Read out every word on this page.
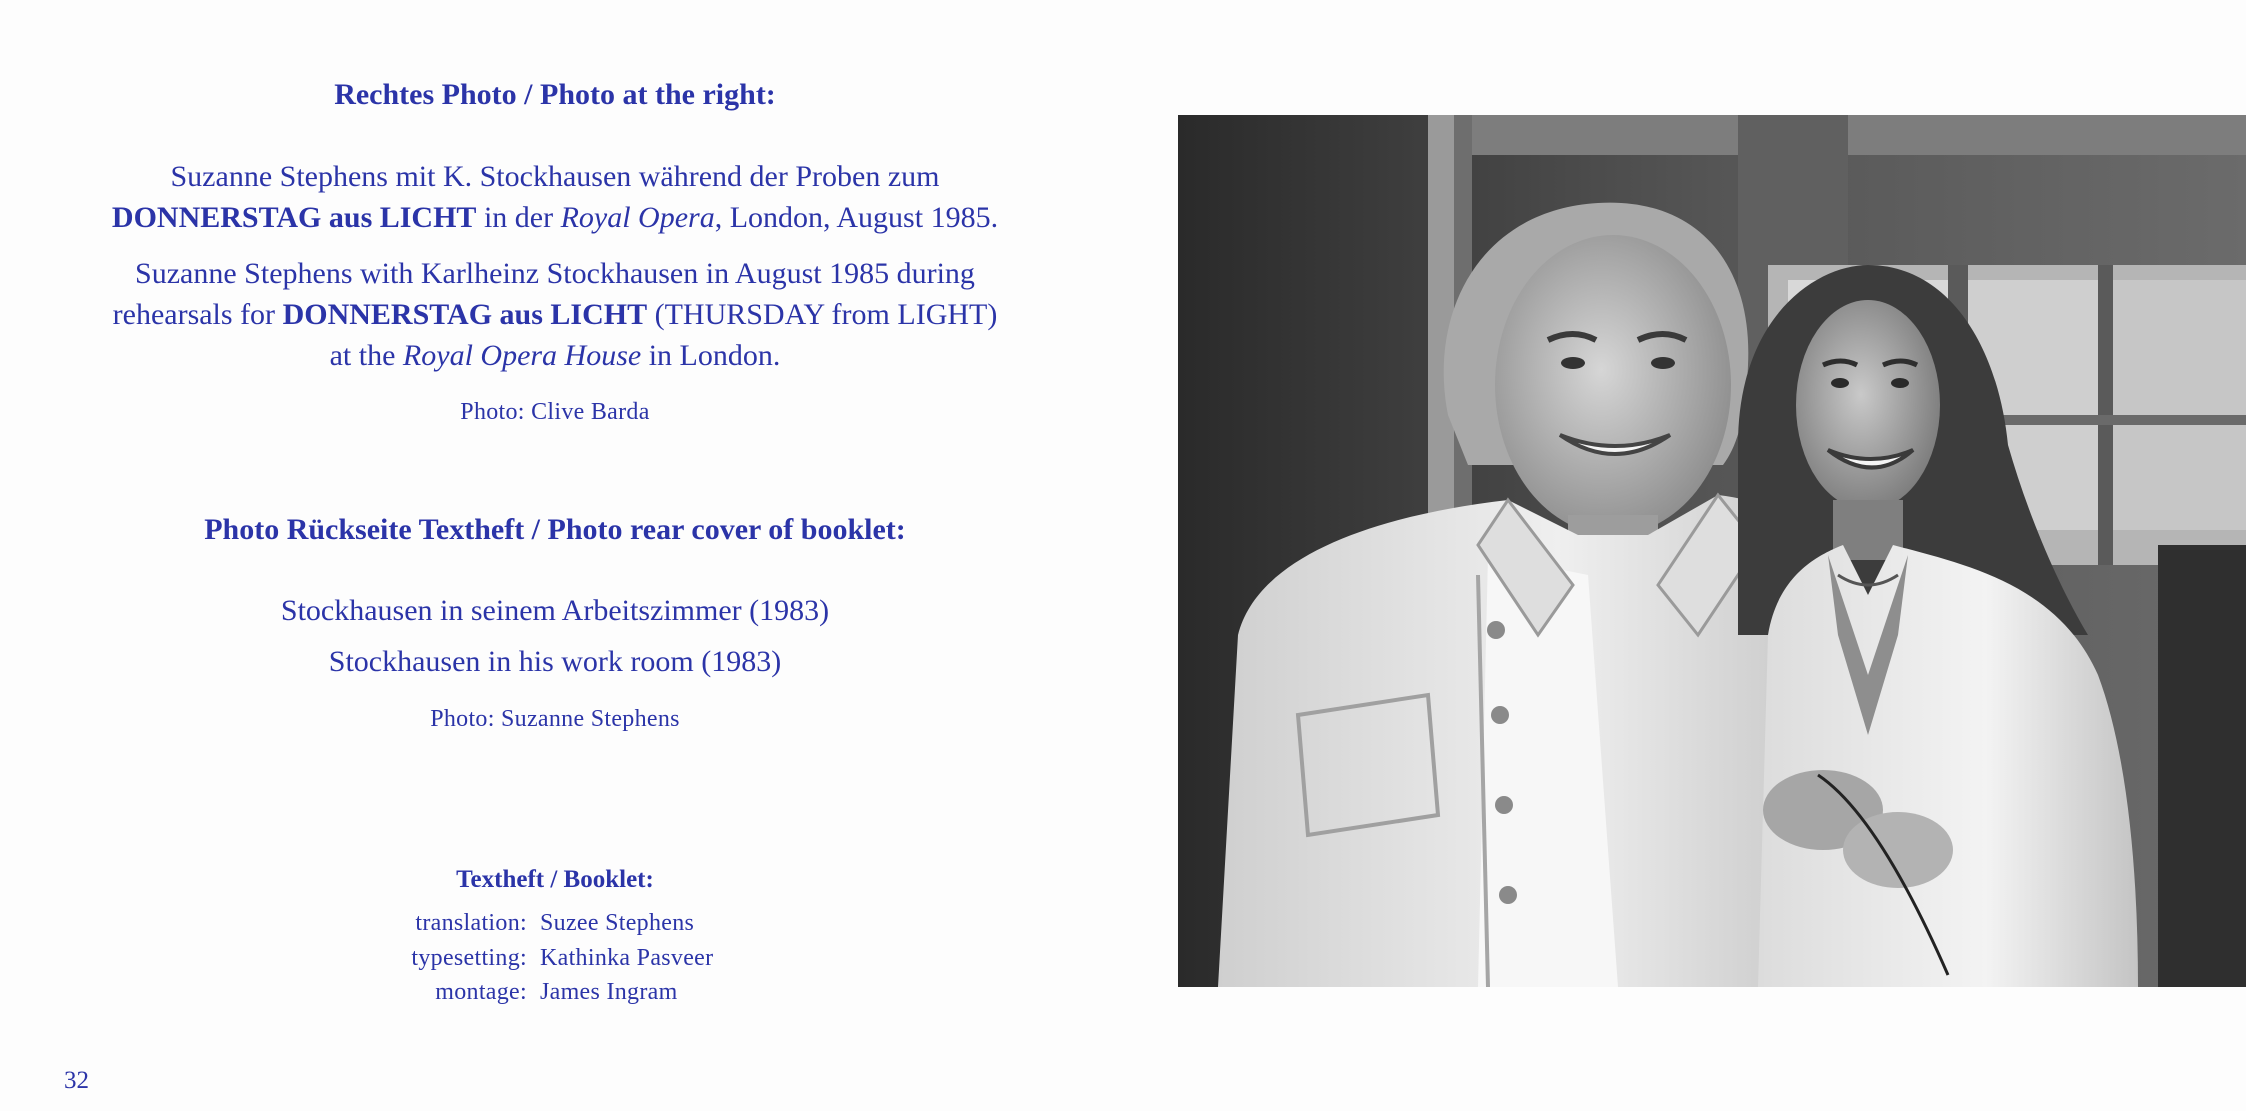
Rechtes Photo / Photo at the right:
Suzanne Stephens mit K. Stockhausen während der Proben zum
DONNERSTAG aus LICHT in der Royal Opera, London, August 1985.
Suzanne Stephens with Karlheinz Stockhausen in August 1985 during
rehearsals for DONNERSTAG aus LICHT (THURSDAY from LIGHT)
at the Royal Opera House in London.
Photo: Clive Barda
Photo Rückseite Textheft / Photo rear cover of booklet:
Stockhausen in seinem Arbeitszimmer (1983)
Stockhausen in his work room (1983)
Photo: Suzanne Stephens
Textheft / Booklet:
translation : Suzee Stephens
typesetting : Kathinka Pasveer
montage : James Ingram
32
